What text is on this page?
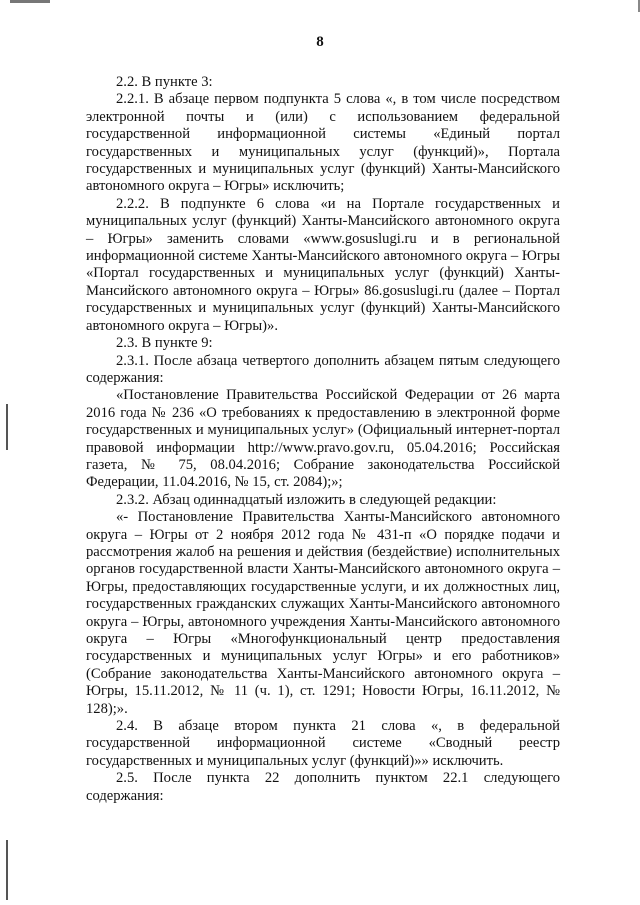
8

2.2. В пункте 3:

2.2.1. В абзаце первом подпункта 5 слова «, в том числе посредством электронной почты и (или) с использованием федеральной государственной информационной системы «Единый портал государственных и муниципальных услуг (функций)», Портала государственных и муниципальных услуг (функций) Ханты-Мансийского автономного округа – Югры» исключить;

2.2.2. В подпункте 6 слова «и на Портале государственных и муниципальных услуг (функций) Ханты-Мансийского автономного округа – Югры» заменить словами «www.gosuslugi.ru и в региональной информационной системе Ханты-Мансийского автономного округа – Югры «Портал государственных и муниципальных услуг (функций) Ханты-Мансийского автономного округа – Югры» 86.gosuslugi.ru (далее – Портал государственных и муниципальных услуг (функций) Ханты-Мансийского автономного округа – Югры)».

2.3. В пункте 9:

2.3.1. После абзаца четвертого дополнить абзацем пятым следующего содержания:

«Постановление Правительства Российской Федерации от 26 марта 2016 года № 236 «О требованиях к предоставлению в электронной форме государственных и муниципальных услуг» (Официальный интернет-портал правовой информации http://www.pravo.gov.ru, 05.04.2016; Российская газета, № 75, 08.04.2016; Собрание законодательства Российской Федерации, 11.04.2016, № 15, ст. 2084);»;

2.3.2. Абзац одиннадцатый изложить в следующей редакции:

«- Постановление Правительства Ханты-Мансийского автономного округа – Югры от 2 ноября 2012 года № 431-п «О порядке подачи и рассмотрения жалоб на решения и действия (бездействие) исполнительных органов государственной власти Ханты-Мансийского автономного округа – Югры, предоставляющих государственные услуги, и их должностных лиц, государственных гражданских служащих Ханты-Мансийского автономного округа – Югры, автономного учреждения Ханты-Мансийского автономного округа – Югры «Многофункциональный центр предоставления государственных и муниципальных услуг Югры» и его работников» (Собрание законодательства Ханты-Мансийского автономного округа – Югры, 15.11.2012, № 11 (ч. 1), ст. 1291; Новости Югры, 16.11.2012, № 128);».

2.4. В абзаце втором пункта 21 слова «, в федеральной государственной информационной системе «Сводный реестр государственных и муниципальных услуг (функций)»» исключить.

2.5. После пункта 22 дополнить пунктом 22.1 следующего содержания:
